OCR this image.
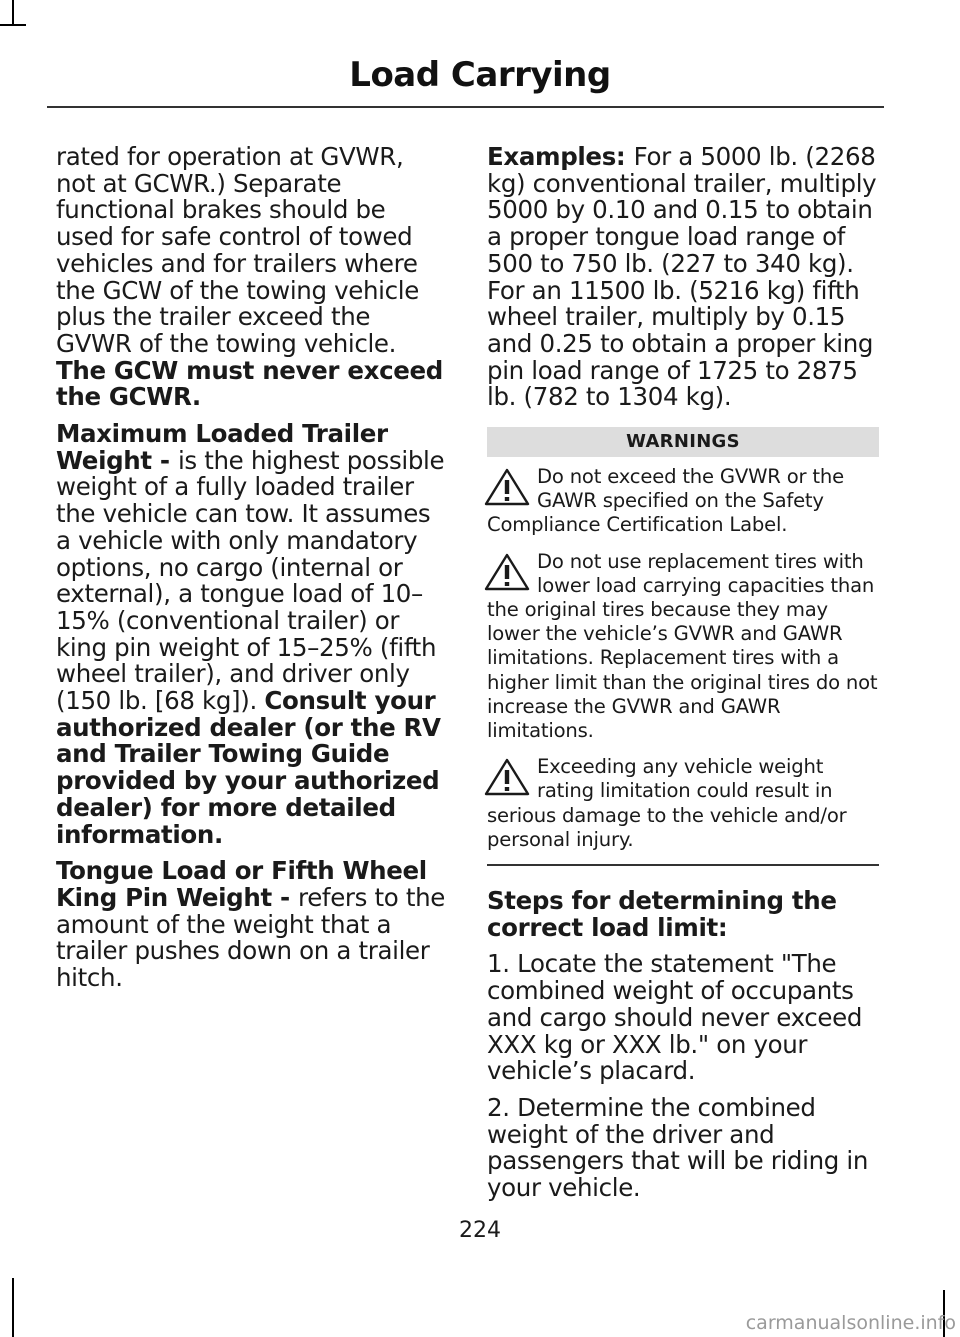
Load Carrying

rated for operation at GVWR, not at GCWR.) Separate functional brakes should be used for safe control of towed vehicles and for trailers where the GCW of the towing vehicle plus the trailer exceed the GVWR of the towing vehicle. The GCW must never exceed the GCWR.

Maximum Loaded Trailer Weight - is the highest possible weight of a fully loaded trailer the vehicle can tow. It assumes a vehicle with only mandatory options, no cargo (internal or external), a tongue load of 10–15% (conventional trailer) or king pin weight of 15–25% (fifth wheel trailer), and driver only (150 lb. [68 kg]). Consult your authorized dealer (or the RV and Trailer Towing Guide provided by your authorized dealer) for more detailed information.

Tongue Load or Fifth Wheel King Pin Weight - refers to the amount of the weight that a trailer pushes down on a trailer hitch.

Examples: For a 5000 lb. (2268 kg) conventional trailer, multiply 5000 by 0.10 and 0.15 to obtain a proper tongue load range of 500 to 750 lb. (227 to 340 kg). For an 11500 lb. (5216 kg) fifth wheel trailer, multiply by 0.15 and 0.25 to obtain a proper king pin load range of 1725 to 2875 lb. (782 to 1304 kg).

WARNINGS
Do not exceed the GVWR or the GAWR specified on the Safety Compliance Certification Label.
Do not use replacement tires with lower load carrying capacities than the original tires because they may lower the vehicle’s GVWR and GAWR limitations. Replacement tires with a higher limit than the original tires do not increase the GVWR and GAWR limitations.
Exceeding any vehicle weight rating limitation could result in serious damage to the vehicle and/or personal injury.

Steps for determining the correct load limit:

1. Locate the statement "The combined weight of occupants and cargo should never exceed XXX kg or XXX lb." on your vehicle’s placard.

2. Determine the combined weight of the driver and passengers that will be riding in your vehicle.

224
carmanualsonline.info
